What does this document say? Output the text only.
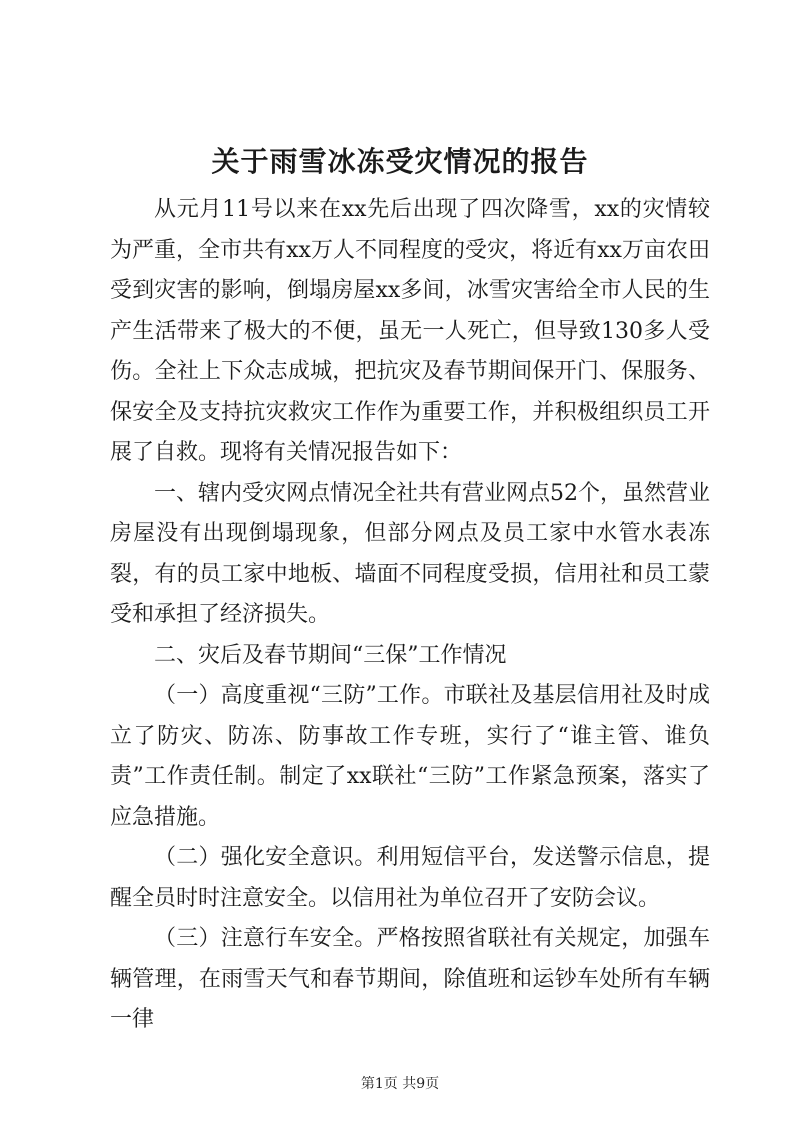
关于雨雪冰冻受灾情况的报告

从元月11号以来在xx先后出现了四次降雪，xx的灾情较为严重，全市共有xx万人不同程度的受灾，将近有xx万亩农田受到灾害的影响，倒塌房屋xx多间，冰雪灾害给全市人民的生产生活带来了极大的不便，虽无一人死亡，但导致130多人受伤。全社上下众志成城，把抗灾及春节期间保开门、保服务、保安全及支持抗灾救灾工作作为重要工作，并积极组织员工开展了自救。现将有关情况报告如下：

一、辖内受灾网点情况全社共有营业网点52个，虽然营业房屋没有出现倒塌现象，但部分网点及员工家中水管水表冻裂，有的员工家中地板、墙面不同程度受损，信用社和员工蒙受和承担了经济损失。

二、灾后及春节期间“三保”工作情况

（一）高度重视“三防”工作。市联社及基层信用社及时成立了防灾、防冻、防事故工作专班，实行了“谁主管、谁负责”工作责任制。制定了xx联社“三防”工作紧急预案，落实了应急措施。

（二）强化安全意识。利用短信平台，发送警示信息，提醒全员时时注意安全。以信用社为单位召开了安防会议。

（三）注意行车安全。严格按照省联社有关规定，加强车辆管理，在雨雪天气和春节期间，除值班和运钞车处所有车辆一律

第1页 共9页
